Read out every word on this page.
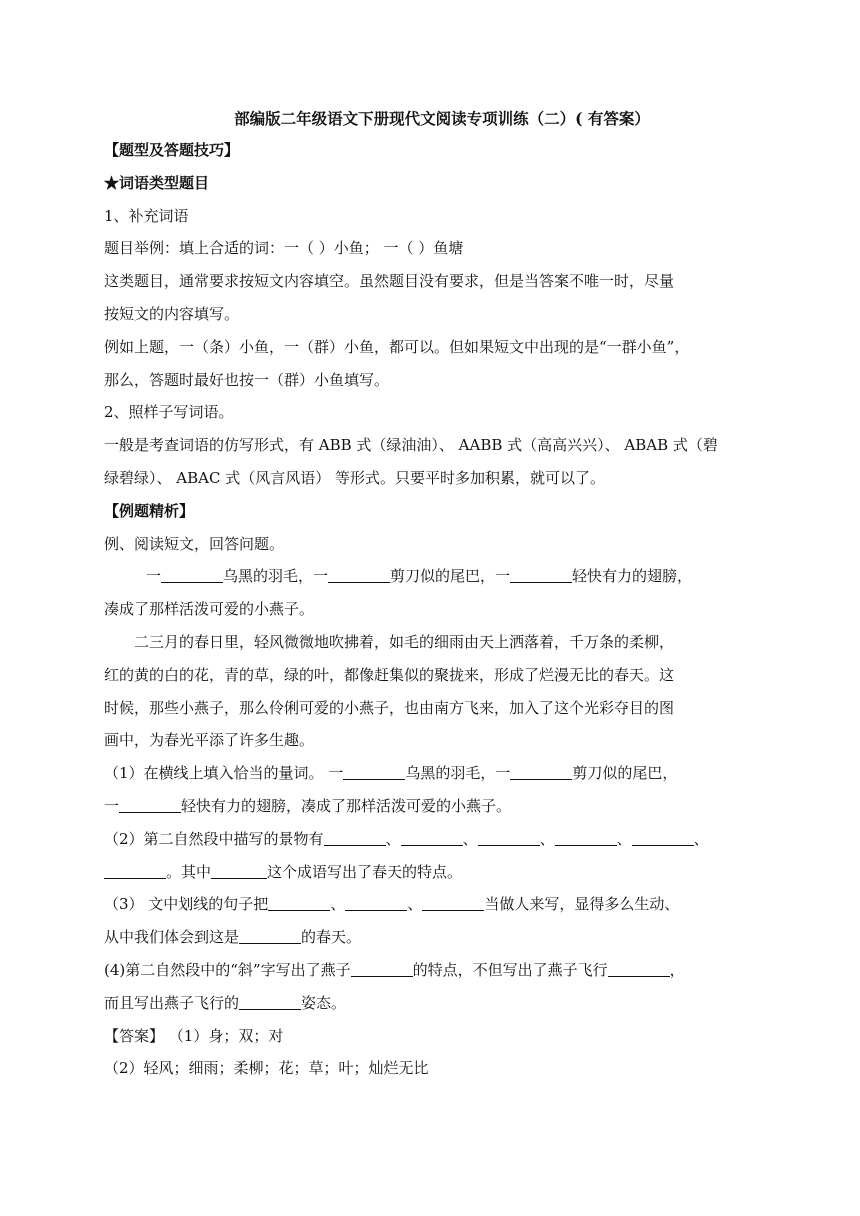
部编版二年级语文下册现代文阅读专项训练（二）( 有答案）
【题型及答题技巧】
★词语类型题目
1、补充词语
题目举例：填上合适的词：一（ ）小鱼； 一（ ）鱼塘
这类题目，通常要求按短文内容填空。虽然题目没有要求，但是当答案不唯一时，尽量
按短文的内容填写。
例如上题，一（条）小鱼，一（群）小鱼，都可以。但如果短文中出现的是“一群小鱼”，
那么，答题时最好也按一（群）小鱼填写。
2、照样子写词语。
一般是考查词语的仿写形式，有 ABB 式（绿油油）、 AABB 式（高高兴兴）、 ABAB 式（碧
绿碧绿）、 ABAC 式（风言风语） 等形式。只要平时多加积累，就可以了。
【例题精析】
例、阅读短文，回答问题。
一	乌黑的羽毛，一	剪刀似的尾巴，一	轻快有力的翅膀，
凑成了那样活泼可爱的小燕子。
二三月的春日里，轻风微微地吹拂着，如毛的细雨由天上洒落着，千万条的柔柳，
红的黄的白的花，青的草，绿的叶，都像赶集似的聚拢来，形成了烂漫无比的春天。这
时候，那些小燕子，那么伶俐可爱的小燕子，也由南方飞来，加入了这个光彩夺目的图
画中，为春光平添了许多生趣。
（1）在横线上填入恰当的量词。 一	乌黑的羽毛，一	剪刀似的尾巴，
一	轻快有力的翅膀，凑成了那样活泼可爱的小燕子。
（2）第二自然段中描写的景物有	、	、	、	、	、
。其中	这个成语写出了春天的特点。
（3） 文中划线的句子把	、	、	当做人来写，显得多么生动、
从中我们体会到这是	的春天。
(4)第二自然段中的“斜”字写出了燕子	的特点，不但写出了燕子飞行	，
而且写出燕子飞行的	姿态。
【答案】 （1）身；双；对
（2）轻风；细雨；柔柳；花；草；叶；灿烂无比
